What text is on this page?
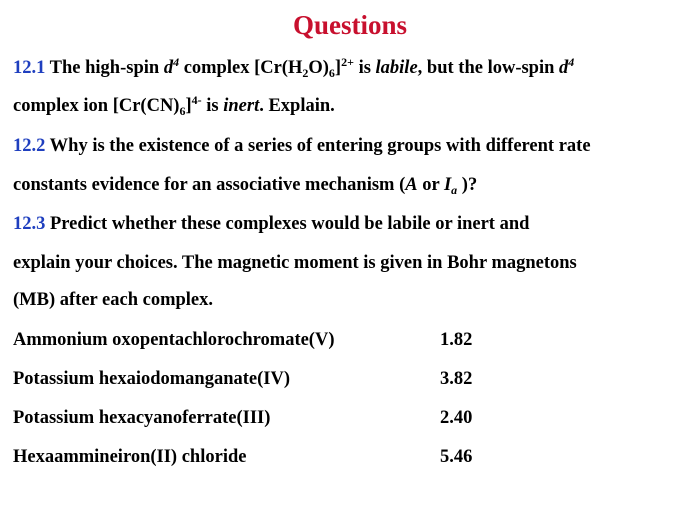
Questions
12.1 The high-spin $d^4$ complex $[Cr(H_2O)_6]^{2+}$ is labile, but the low-spin $d^4$
complex ion $[Cr(CN)_6]^{4-}$ is inert. Explain.
12.2 Why is the existence of a series of entering groups with different rate
constants evidence for an associative mechanism (A or $I_a$ )?
12.3 Predict whether these complexes would be labile or inert and
explain your choices. The magnetic moment is given in Bohr magnetons
(MB) after each complex.
Ammonium oxopentachlorochromate(V)	1.82
Potassium hexaiodomanganate(IV)	3.82
Potassium hexacyanoferrate(III)	2.40
Hexaammineiron(II) chloride	5.46
